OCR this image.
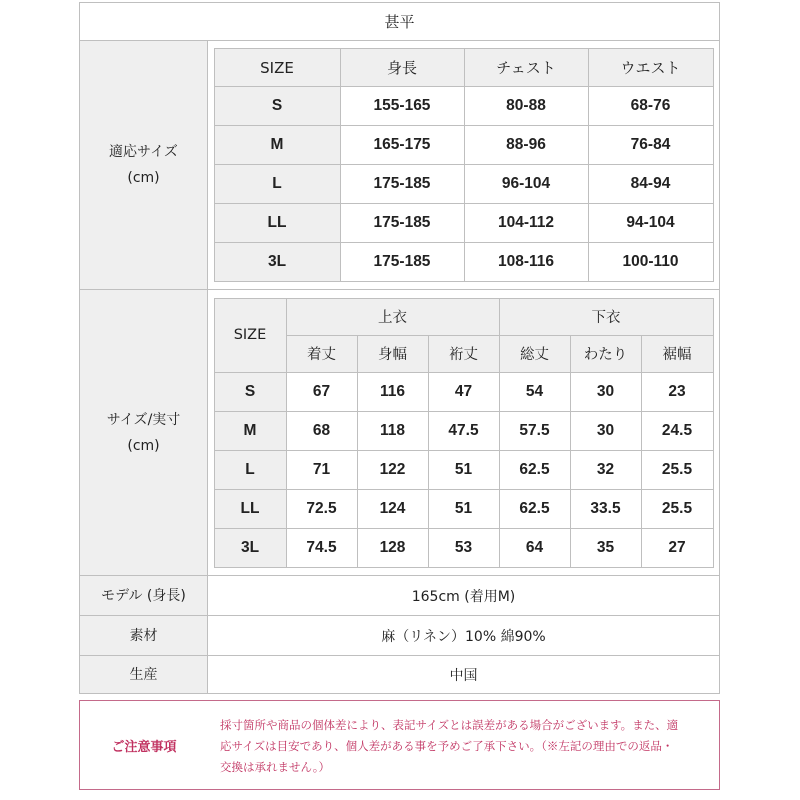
甚平
適応サイズ
(cm)
SIZE	身長	チェスト	ウエスト
S	155-165	80-88	68-76
M	165-175	88-96	76-84
L	175-185	96-104	84-94
LL	175-185	104-112	94-104
3L	175-185	108-116	100-110
サイズ/実寸
(cm)
SIZE	上衣			下衣		
	着丈	身幅	裄丈	総丈	わたり	裾幅
S	67	116	47	54	30	23
M	68	118	47.5	57.5	30	24.5
L	71	122	51	62.5	32	25.5
LL	72.5	124	51	62.5	33.5	25.5
3L	74.5	128	53	64	35	27
モデル (身長)	165cm (着用M)
素材	麻（リネン）10% 綿90%
生産	中国
ご注意事項
採寸箇所や商品の個体差により、表記サイズとは誤差がある場合がございます。また、適
応サイズは目安であり、個人差がある事を予めご了承下さい。（※左記の理由での返品・
交換は承れません。）
